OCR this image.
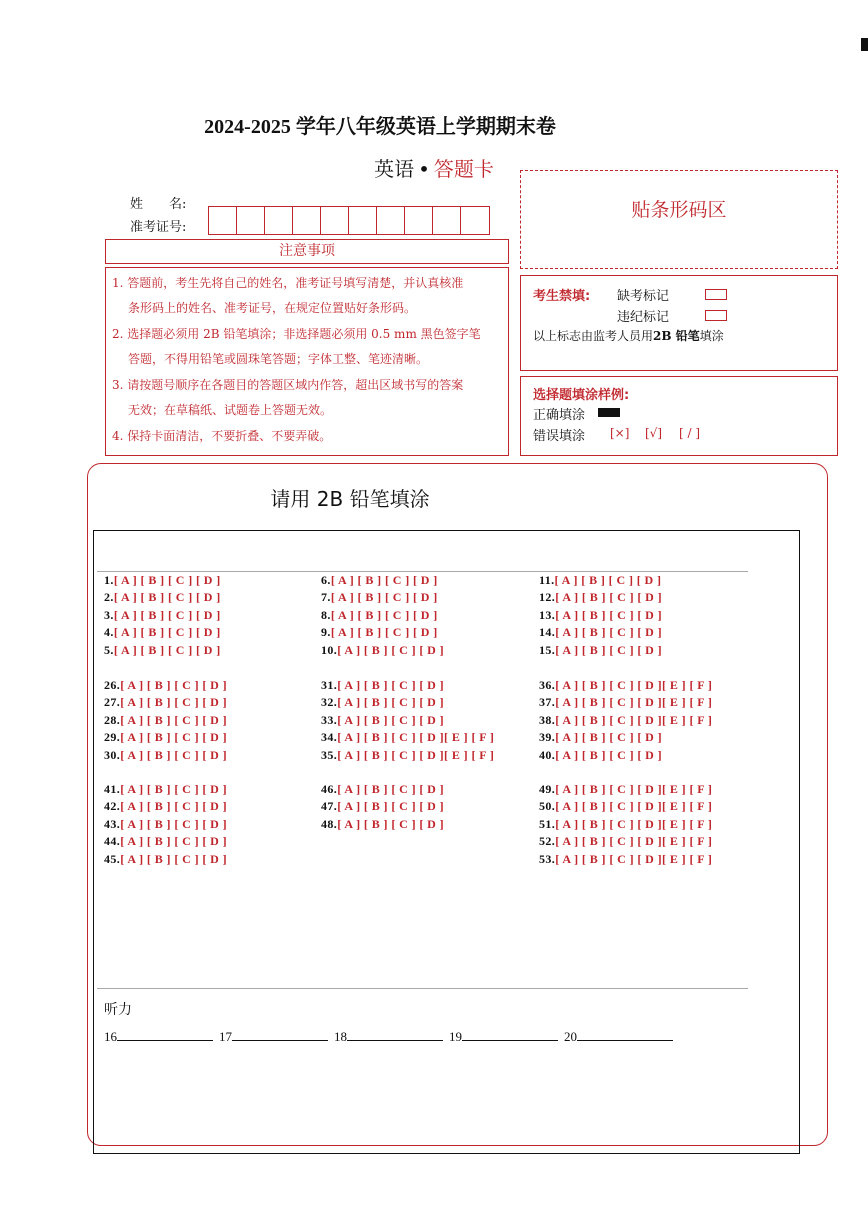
2024-2025 学年八年级英语上学期期末卷
英语 • 答题卡
姓　　名:
准考证号:
贴条形码区
注意事项
1. 答题前，考生先将自己的姓名，准考证号填写清楚，并认真核准
条形码上的姓名、准考证号，在规定位置贴好条形码。
2. 选择题必须用 2B 铅笔填涂；非选择题必须用 0.5 mm 黑色签字笔
答题，不得用铅笔或圆珠笔答题；字体工整、笔迹清晰。
3. 请按题号顺序在各题目的答题区域内作答，超出区域书写的答案
无效；在草稿纸、试题卷上答题无效。
4. 保持卡面清洁，不要折叠、不要弄破。
考生禁填: 缺考标记
违纪标记
以上标志由监考人员用2B 铅笔填涂
选择题填涂样例:
正确填涂
错误填涂 [×] [√] [ / ]
请用 2B 铅笔填涂
1.[ A ] [ B ] [ C ] [ D ]
2.[ A ] [ B ] [ C ] [ D ]
3.[ A ] [ B ] [ C ] [ D ]
4.[ A ] [ B ] [ C ] [ D ]
5.[ A ] [ B ] [ C ] [ D ]
6.[ A ] [ B ] [ C ] [ D ]
7.[ A ] [ B ] [ C ] [ D ]
8.[ A ] [ B ] [ C ] [ D ]
9.[ A ] [ B ] [ C ] [ D ]
10.[ A ] [ B ] [ C ] [ D ]
11.[ A ] [ B ] [ C ] [ D ]
12.[ A ] [ B ] [ C ] [ D ]
13.[ A ] [ B ] [ C ] [ D ]
14.[ A ] [ B ] [ C ] [ D ]
15.[ A ] [ B ] [ C ] [ D ]
26.[ A ] [ B ] [ C ] [ D ]
27.[ A ] [ B ] [ C ] [ D ]
28.[ A ] [ B ] [ C ] [ D ]
29.[ A ] [ B ] [ C ] [ D ]
30.[ A ] [ B ] [ C ] [ D ]
31.[ A ] [ B ] [ C ] [ D ]
32.[ A ] [ B ] [ C ] [ D ]
33.[ A ] [ B ] [ C ] [ D ]
34.[ A ] [ B ] [ C ] [ D ][ E ] [ F ]
35.[ A ] [ B ] [ C ] [ D ][ E ] [ F ]
36.[ A ] [ B ] [ C ] [ D ][ E ] [ F ]
37.[ A ] [ B ] [ C ] [ D ][ E ] [ F ]
38.[ A ] [ B ] [ C ] [ D ][ E ] [ F ]
39.[ A ] [ B ] [ C ] [ D ]
40.[ A ] [ B ] [ C ] [ D ]
41.[ A ] [ B ] [ C ] [ D ]
42.[ A ] [ B ] [ C ] [ D ]
43.[ A ] [ B ] [ C ] [ D ]
44.[ A ] [ B ] [ C ] [ D ]
45.[ A ] [ B ] [ C ] [ D ]
46.[ A ] [ B ] [ C ] [ D ]
47.[ A ] [ B ] [ C ] [ D ]
48.[ A ] [ B ] [ C ] [ D ]
49.[ A ] [ B ] [ C ] [ D ][ E ] [ F ]
50.[ A ] [ B ] [ C ] [ D ][ E ] [ F ]
51.[ A ] [ B ] [ C ] [ D ][ E ] [ F ]
52.[ A ] [ B ] [ C ] [ D ][ E ] [ F ]
53.[ A ] [ B ] [ C ] [ D ][ E ] [ F ]
听力
16	17	18	19	20
